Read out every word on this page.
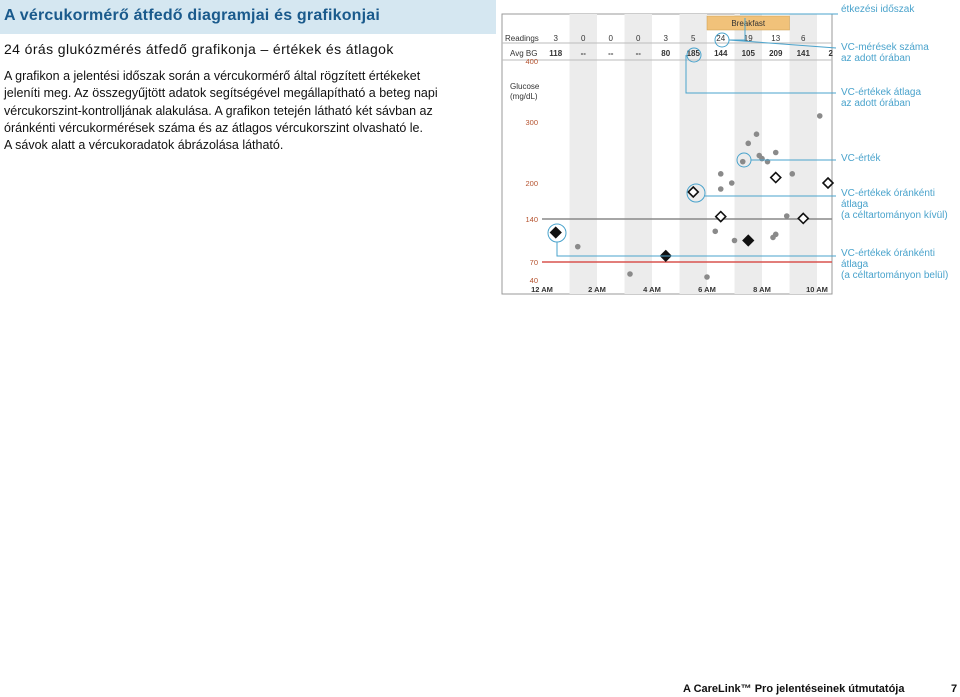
A vércukormérő átfedő diagramjai és grafikonjai
24 órás glukózmérés átfedő grafikonja – értékek és átlagok
A grafikon a jelentési időszak során a vércukormérő által rögzített értékeket
jeleníti meg. Az összegyűjtött adatok segítségével megállapítható a beteg napi
vércukorszint-kontrolljának alakulása. A grafikon tetején látható két sávban az
óránkénti vércukormérések száma és az átlagos vércukorszint olvasható le.
A sávok alatt a vércukoradatok ábrázolása látható.
Breakfast
Readings
Avg BG
3	0	0	0	3	5	24 19 13	6
118 --	--	--	80 185 144 105 209 141 2
Glucose
(mg/dL)
400
300
200
140
70
40
12 AM	2 AM	4 AM	6 AM	8 AM	10 AM
étkezési időszak
VC-mérések száma
az adott órában
VC-értékek átlaga
az adott órában
VC-érték
VC-értékek óránkénti
átlaga
(a céltartományon kívül)
VC-értékek óránkénti
átlaga
(a céltartományon belül)
A CareLink™ Pro jelentéseinek útmutatója	7
